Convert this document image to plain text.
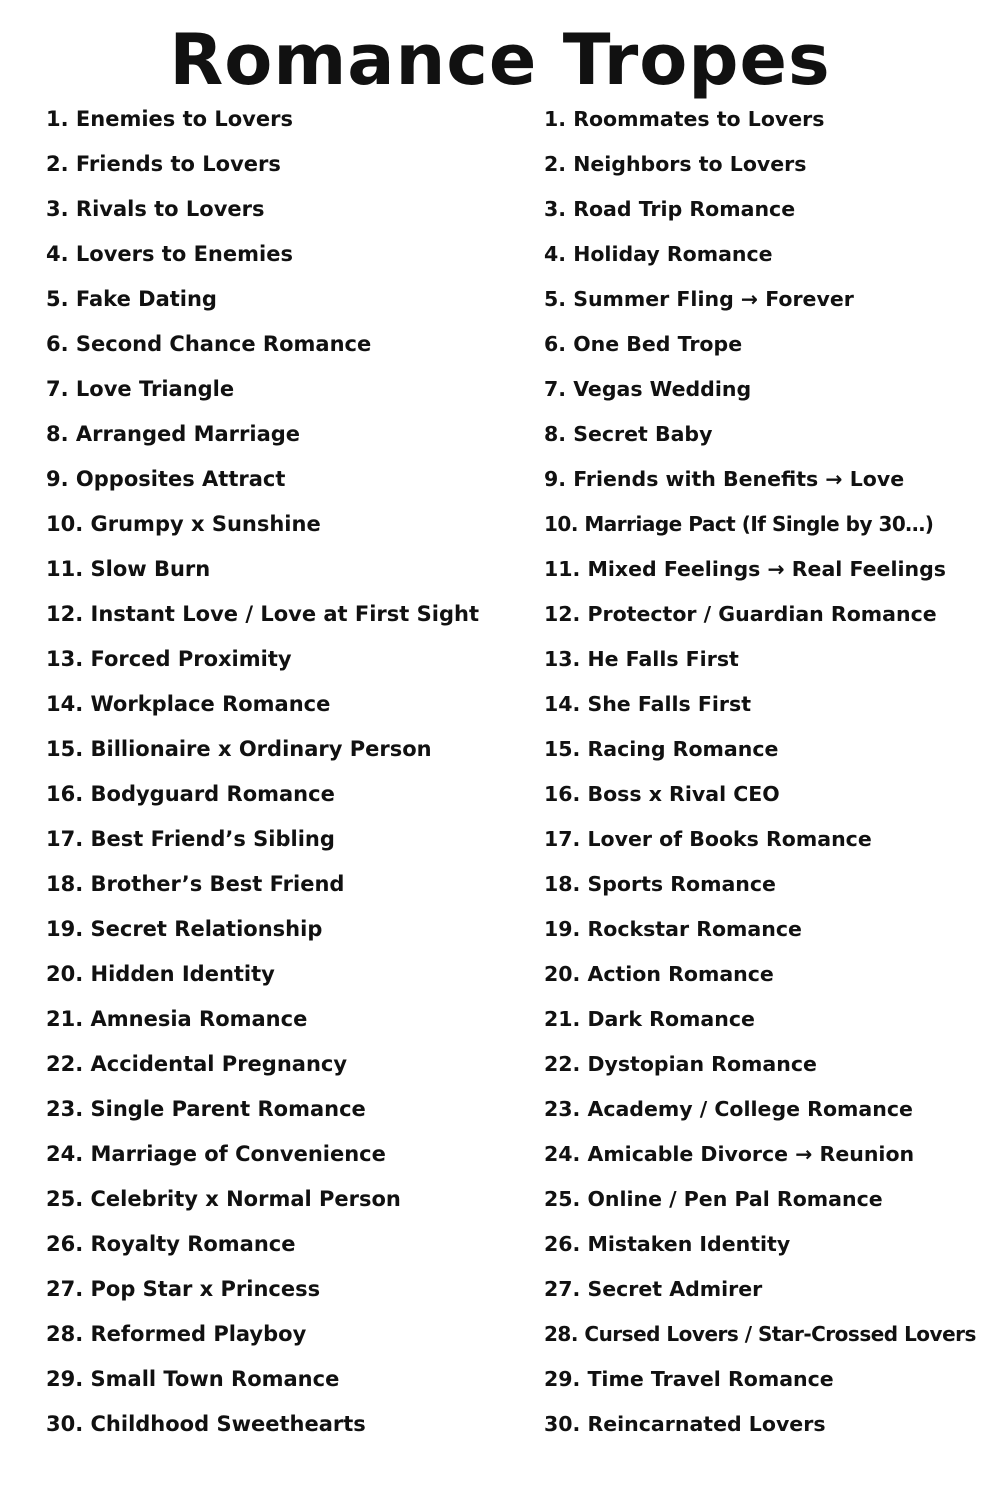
Romance Tropes
1. Enemies to Lovers
2. Friends to Lovers
3. Rivals to Lovers
4. Lovers to Enemies
5. Fake Dating
6. Second Chance Romance
7. Love Triangle
8. Arranged Marriage
9. Opposites Attract
10. Grumpy x Sunshine
11. Slow Burn
12. Instant Love / Love at First Sight
13. Forced Proximity
14. Workplace Romance
15. Billionaire x Ordinary Person
16. Bodyguard Romance
17. Best Friend’s Sibling
18. Brother’s Best Friend
19. Secret Relationship
20. Hidden Identity
21. Amnesia Romance
22. Accidental Pregnancy
23. Single Parent Romance
24. Marriage of Convenience
25. Celebrity x Normal Person
26. Royalty Romance
27. Pop Star x Princess
28. Reformed Playboy
29. Small Town Romance
30. Childhood Sweethearts
1. Roommates to Lovers
2. Neighbors to Lovers
3. Road Trip Romance
4. Holiday Romance
5. Summer Fling → Forever
6. One Bed Trope
7. Vegas Wedding
8. Secret Baby
9. Friends with Benefits → Love
10. Marriage Pact (If Single by 30…)
11. Mixed Feelings → Real Feelings
12. Protector / Guardian Romance
13. He Falls First
14. She Falls First
15. Racing Romance
16. Boss x Rival CEO
17. Lover of Books Romance
18. Sports Romance
19. Rockstar Romance
20. Action Romance
21. Dark Romance
22. Dystopian Romance
23. Academy / College Romance
24. Amicable Divorce → Reunion
25. Online / Pen Pal Romance
26. Mistaken Identity
27. Secret Admirer
28. Cursed Lovers / Star-Crossed Lovers
29. Time Travel Romance
30. Reincarnated Lovers
